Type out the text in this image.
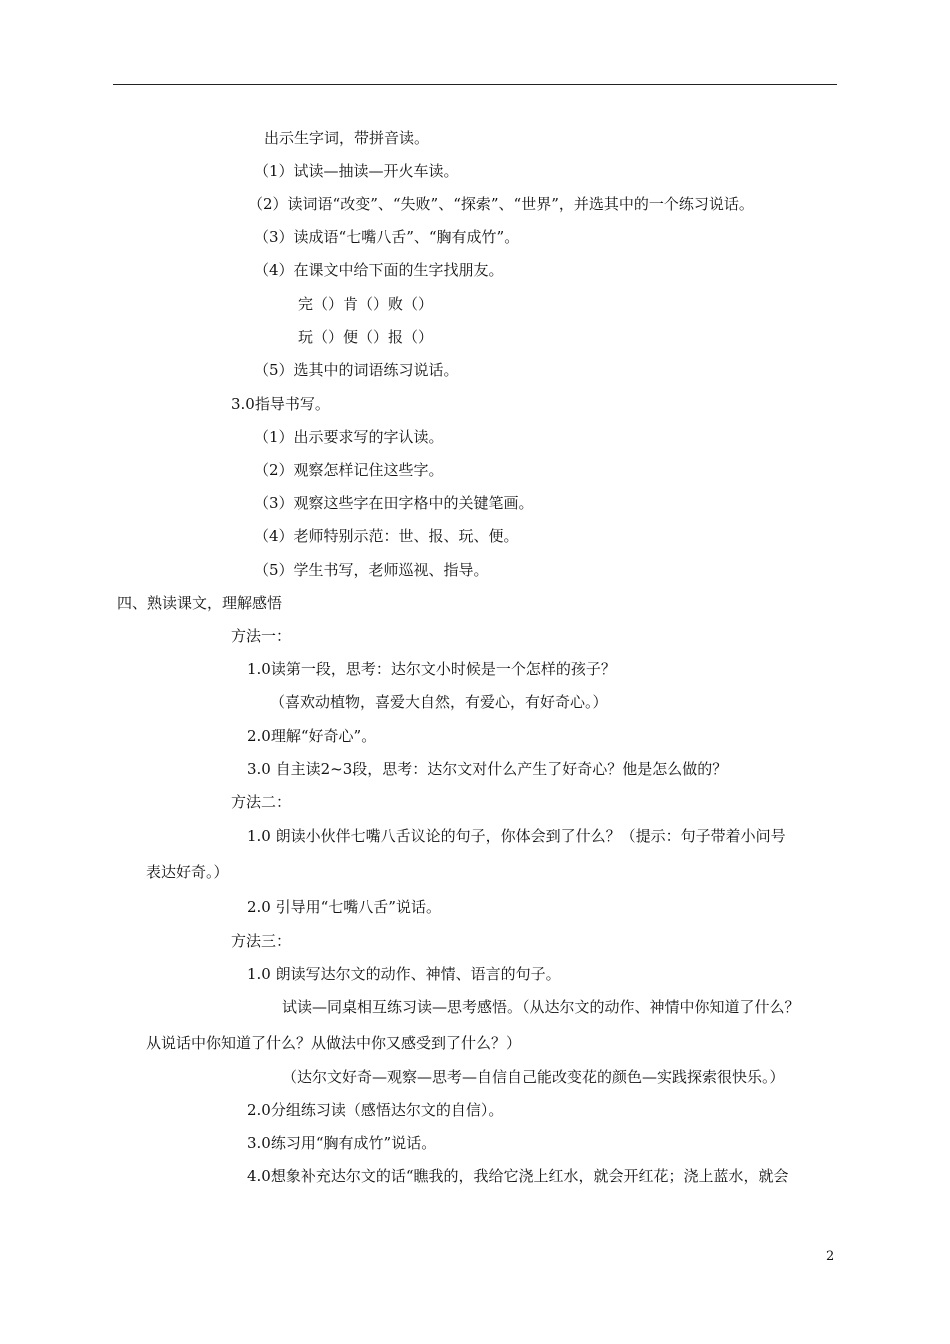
出示生字词，带拼音读。
（1）试读—抽读—开火车读。
（2）读词语“改变”、“失败”、“探索”、“世界”，并选其中的一个练习说话。
（3）读成语“七嘴八舌”、“胸有成竹”。
（4）在课文中给下面的生字找朋友。
完（）肯（）败（）
玩（）便（）报（）
（5）选其中的词语练习说话。
3.0指导书写。
（1）出示要求写的字认读。
（2）观察怎样记住这些字。
（3）观察这些字在田字格中的关键笔画。
（4）老师特别示范：世、报、玩、便。
（5）学生书写，老师巡视、指导。
四、熟读课文，理解感悟
方法一：
1.0读第一段，思考：达尔文小时候是一个怎样的孩子？
（喜欢动植物，喜爱大自然，有爱心，有好奇心。）
2.0理解“好奇心”。
3.0 自主读2~3段，思考：达尔文对什么产生了好奇心？他是怎么做的？
方法二：
1.0 朗读小伙伴七嘴八舌议论的句子，你体会到了什么？（提示：句子带着小问号
表达好奇。）
2.0 引导用“七嘴八舌”说话。
方法三：
1.0 朗读写达尔文的动作、神情、语言的句子。
试读—同桌相互练习读—思考感悟。（从达尔文的动作、神情中你知道了什么？
从说话中你知道了什么？从做法中你又感受到了什么？）
（达尔文好奇—观察—思考—自信自己能改变花的颜色—实践探索很快乐。）
2.0分组练习读（感悟达尔文的自信）。
3.0练习用“胸有成竹”说话。
4.0想象补充达尔文的话“瞧我的，我给它浇上红水，就会开红花；浇上蓝水，就会
2
